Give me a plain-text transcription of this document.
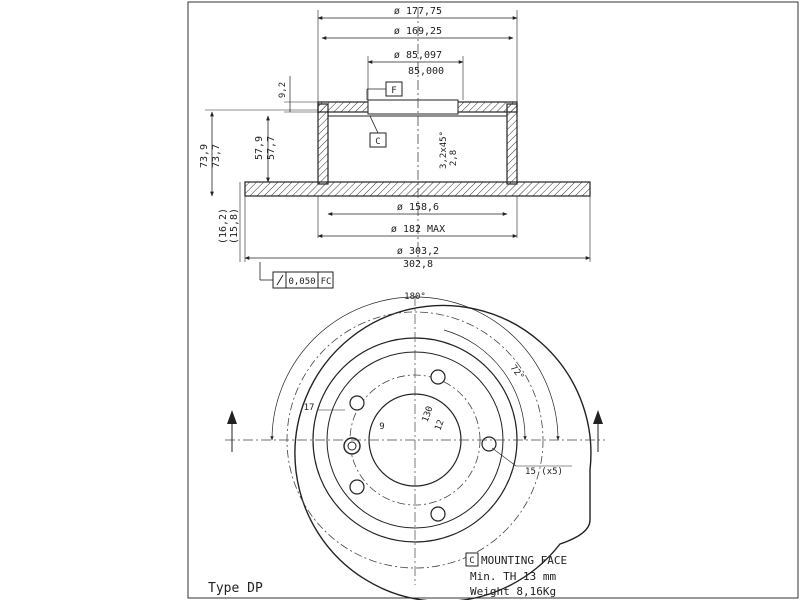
ø 177,75
ø 169,25
ø 85,097
85,000
9,2	F
C
73,9 73,7	57,9 57,7	3,2x45° 2,8
(16,2) (15,8)
ø 158,6
ø 182 MAX
ø 303,2
302,8
0,050 FC
180°
72°
17
9
130
12
15 (x5)
C MOUNTING FACE
Min. TH 13 mm
Weight 8,16Kg
Type DP
